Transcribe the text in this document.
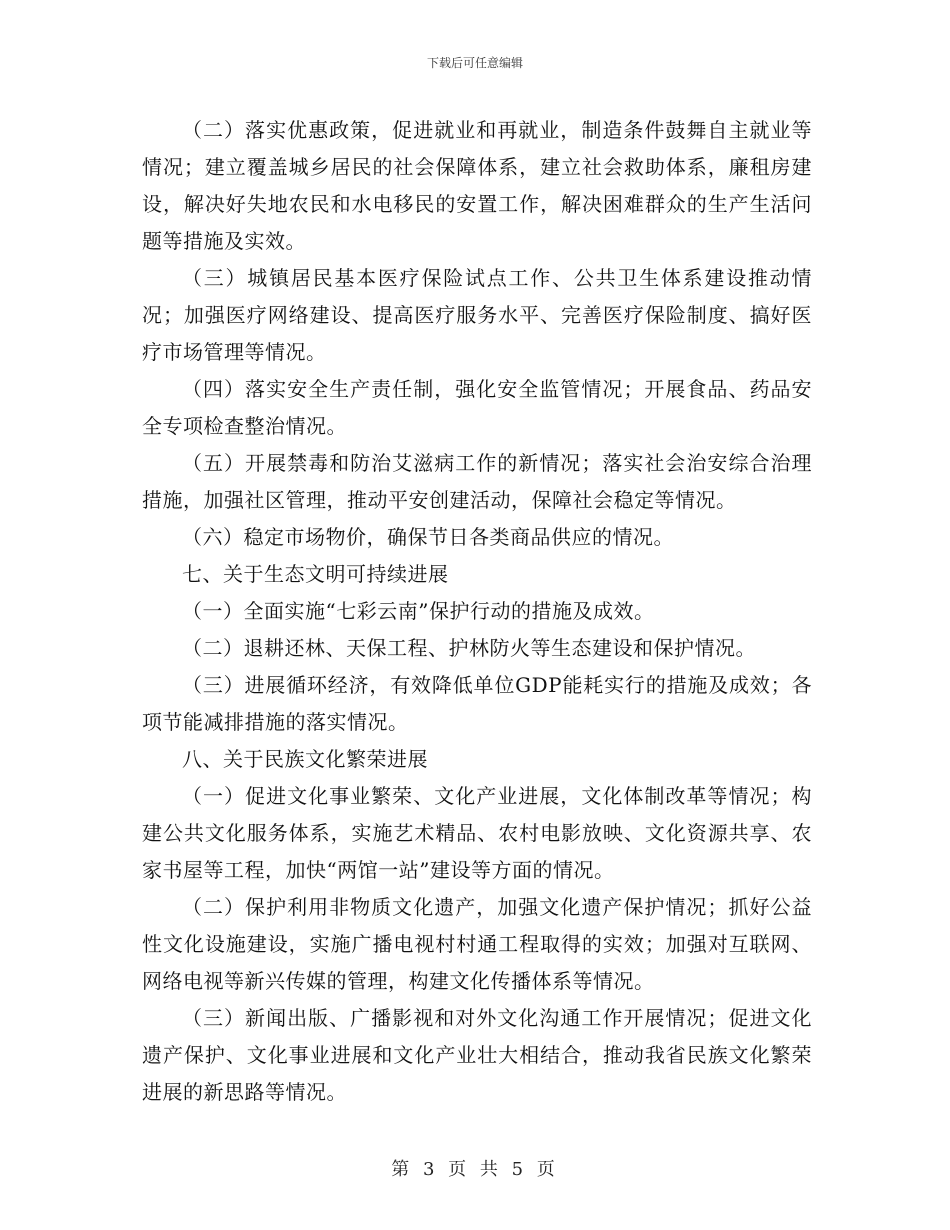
下载后可任意编辑

（二）落实优惠政策，促进就业和再就业，制造条件鼓舞自主就业等情况；建立覆盖城乡居民的社会保障体系，建立社会救助体系，廉租房建设，解决好失地农民和水电移民的安置工作，解决困难群众的生产生活问题等措施及实效。

（三）城镇居民基本医疗保险试点工作、公共卫生体系建设推动情况；加强医疗网络建设、提高医疗服务水平、完善医疗保险制度、搞好医疗市场管理等情况。

（四）落实安全生产责任制，强化安全监管情况；开展食品、药品安全专项检查整治情况。

（五）开展禁毒和防治艾滋病工作的新情况；落实社会治安综合治理措施，加强社区管理，推动平安创建活动，保障社会稳定等情况。

（六）稳定市场物价，确保节日各类商品供应的情况。

七、关于生态文明可持续进展

（一）全面实施“七彩云南”保护行动的措施及成效。

（二）退耕还林、天保工程、护林防火等生态建设和保护情况。

（三）进展循环经济，有效降低单位GDP能耗实行的措施及成效；各项节能减排措施的落实情况。

八、关于民族文化繁荣进展

（一）促进文化事业繁荣、文化产业进展，文化体制改革等情况；构建公共文化服务体系，实施艺术精品、农村电影放映、文化资源共享、农家书屋等工程，加快“两馆一站”建设等方面的情况。

（二）保护利用非物质文化遗产，加强文化遗产保护情况；抓好公益性文化设施建设，实施广播电视村村通工程取得的实效；加强对互联网、网络电视等新兴传媒的管理，构建文化传播体系等情况。

（三）新闻出版、广播影视和对外文化沟通工作开展情况；促进文化遗产保护、文化事业进展和文化产业壮大相结合，推动我省民族文化繁荣进展的新思路等情况。

第 3 页 共 5 页
